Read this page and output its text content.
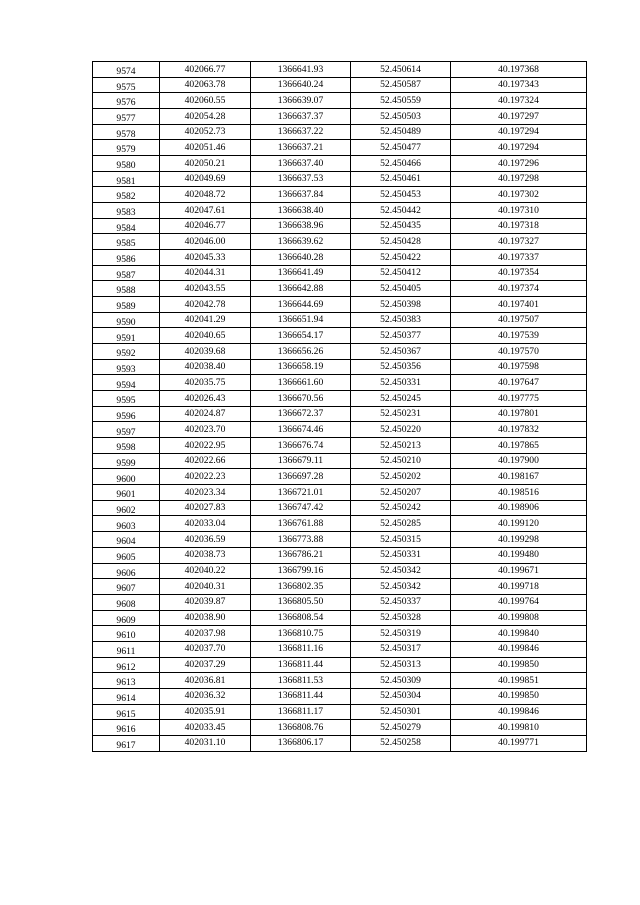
9574	402066.77	1366641.93	52.450614	40.197368
9575	402063.78	1366640.24	52.450587	40.197343
9576	402060.55	1366639.07	52.450559	40.197324
9577	402054.28	1366637.37	52.450503	40.197297
9578	402052.73	1366637.22	52.450489	40.197294
9579	402051.46	1366637.21	52.450477	40.197294
9580	402050.21	1366637.40	52.450466	40.197296
9581	402049.69	1366637.53	52.450461	40.197298
9582	402048.72	1366637.84	52.450453	40.197302
9583	402047.61	1366638.40	52.450442	40.197310
9584	402046.77	1366638.96	52.450435	40.197318
9585	402046.00	1366639.62	52.450428	40.197327
9586	402045.33	1366640.28	52.450422	40.197337
9587	402044.31	1366641.49	52.450412	40.197354
9588	402043.55	1366642.88	52.450405	40.197374
9589	402042.78	1366644.69	52.450398	40.197401
9590	402041.29	1366651.94	52.450383	40.197507
9591	402040.65	1366654.17	52.450377	40.197539
9592	402039.68	1366656.26	52.450367	40.197570
9593	402038.40	1366658.19	52.450356	40.197598
9594	402035.75	1366661.60	52.450331	40.197647
9595	402026.43	1366670.56	52.450245	40.197775
9596	402024.87	1366672.37	52.450231	40.197801
9597	402023.70	1366674.46	52.450220	40.197832
9598	402022.95	1366676.74	52.450213	40.197865
9599	402022.66	1366679.11	52.450210	40.197900
9600	402022.23	1366697.28	52.450202	40.198167
9601	402023.34	1366721.01	52.450207	40.198516
9602	402027.83	1366747.42	52.450242	40.198906
9603	402033.04	1366761.88	52.450285	40.199120
9604	402036.59	1366773.88	52.450315	40.199298
9605	402038.73	1366786.21	52.450331	40.199480
9606	402040.22	1366799.16	52.450342	40.199671
9607	402040.31	1366802.35	52.450342	40.199718
9608	402039.87	1366805.50	52.450337	40.199764
9609	402038.90	1366808.54	52.450328	40.199808
9610	402037.98	1366810.75	52.450319	40.199840
9611	402037.70	1366811.16	52.450317	40.199846
9612	402037.29	1366811.44	52.450313	40.199850
9613	402036.81	1366811.53	52.450309	40.199851
9614	402036.32	1366811.44	52.450304	40.199850
9615	402035.91	1366811.17	52.450301	40.199846
9616	402033.45	1366808.76	52.450279	40.199810
9617	402031.10	1366806.17	52.450258	40.199771
